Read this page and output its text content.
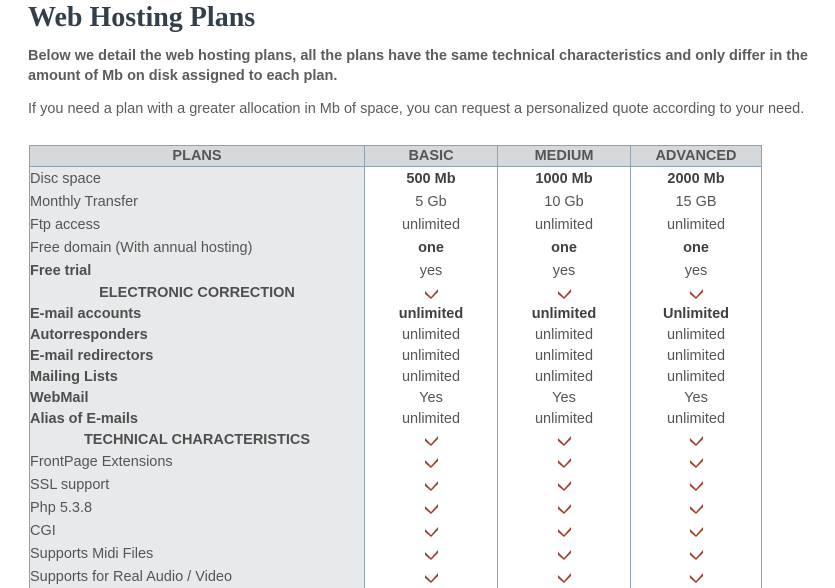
Web Hosting Plans

Below we detail the web hosting plans, all the plans have the same technical characteristics and only differ in the amount of Mb on disk assigned to each plan.

If you need a plan with a greater allocation in Mb of space, you can request a personalized quote according to your need.

PLANS	BASIC	MEDIUM	ADVANCED
Disc space	500 Mb	1000 Mb	2000 Mb
Monthly Transfer	5 Gb	10 Gb	15 GB
Ftp access	unlimited	unlimited	unlimited
Free domain (With annual hosting)	one	one	one
Free trial	yes	yes	yes
ELECTRONIC CORRECTION	

E-mail accounts	unlimited	unlimited	Unlimited
Autorresponders	unlimited	unlimited	unlimited
E-mail redirectors	unlimited	unlimited	unlimited
Mailing Lists	unlimited	unlimited	unlimited
WebMail	Yes	Yes	Yes
Alias of E-mails	unlimited	unlimited	unlimited
TECHNICAL CHARACTERISTICS	

FrontPage Extensions	

SSL support	

Php 5.3.8	

CGI	

Supports Midi Files	

Supports for Real Audio / Video	
